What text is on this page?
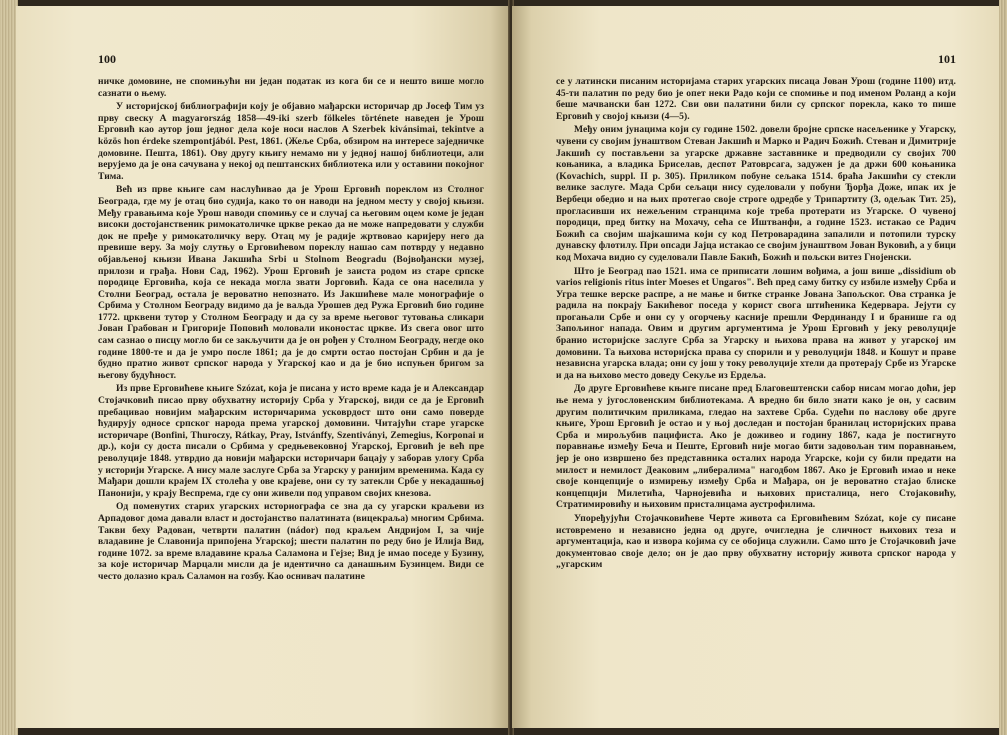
100

ничке домовине, не спомињући ни један податак из кога би се и нешто више могло сазнати о њему.

У историјској библиографији коју је објавио мађарски историчар др Јосеф Тим уз прву свеску A magyarország 1858—49-iki szerb fölkeles története наведен је Урош Ерговић као аутор још једног дела које носи наслов A Szerbek kivánsimai, tekintve a közös hon érdeke szempontjából. Pest, 1861. (Жеље Срба, обзиром на интересе заједничке домовине. Пешта, 1861). Ову другу књигу немамо ни у једној нашој библиотеци, али верујемо да је она сачувана у некој од пештанских библиотека или у оставини покојног Тима.

Већ из прве књиге сам наслућивао да је Урош Ерговић пореклом из Столног Београда, где му је отац био судија, како то он наводи на једном месту у својој књизи. Међу гравањима које Урош наводи спомињу се и случај са његовим оцем коме је један високи достојанственик римокатоличке цркве рекао да не може напредовати у служби док не пређе у римокатоличку веру. Отац му је радије жртвовао каријеру него да превише веру. За моју слутњу о Ерговићевом пореклу нашао сам потврду у недавно објављеној књизи Ивана Јакшића Srbi u Stolnom Beogradu (Војвођански музеј, прилози и грађа. Нови Сад, 1962). Урош Ерговић је заиста родом из старе српске породице Ерговића, која се некада могла звати Јорговић. Када се она населила у Столни Београд, остала је вероватно непознато. Из Јакшићеве мале монографије о Србима у Столном Београду видимо да је ваљда Урошев дед Ружа Ерговић био године 1772. црквени тутор у Столном Београду и да су за време његовог тутовања сликари Јован Грабован и Григорије Поповић моловали иконостас цркве. Из свега овог што сам сазнао о писцу могло би се закључити да је он рођен у Столном Београду, негде око године 1800-те и да је умро после 1861; да је до смрти остао постојан Србин и да је будно пратио живот српског народа у Угарској као и да је био испуњен бригом за његову будућност.

Из прве Ерговићеве књиге Szózat, која је писана у исто време када је и Александар Стојачковић писао прву обухватну историју Срба у Угарској, види се да је Ерговић пребацивао новијим мађарским историчарима усковрдост што они само поверде ћудирују односе српског народа према угарској домовини. Читајући старе угарске историчаре (Bonfini, Thuroczy, Rátkay, Pray, Istvánffy, Szentiványi, Zemegius, Korponai и др.), који су доста писали о Србима у средњевековној Угарској, Ерговић је већ пре револуције 1848. утврдио да новији мађарски историчари бацају у заборав улогу Срба у историји Угарске. А нису мале заслуге Срба за Угарску у ранијим временима. Када су Мађари дошли крајем IX столећа у ове крајеве, они су ту затекли Србе у некадашњој Панонији, у крају Веспрема, где су они живели под управом својих кнезова.

Од поменутих старих угарских историографа се зна да су угарски краљеви из Арпадовог дома давали власт и достојанство палатината (вицекраља) многим Србима. Такви беху Радован, четврти палатин (nádor) под краљем Андријом I, за чије владавине је Славонија припојена Угарској; шести палатин по реду био је Илија Вид, године 1072. за време владавине краља Саламона и Гејзе; Вид је имао поседе у Бузину, за које историчар Марцали мисли да је идентично са данашњим Бузинцем. Види се често долазио краљ Саламон на гозбу. Као оснивач палатине

101

се у латински писаним историјама старих угарских писаца Јован Урош (године 1100) итд. 45-ти палатин по реду био је опет неки Радо који се спомиње и под именом Роланд а који беше мачвански бан 1272. Сви ови палатини били су српског порекла, како то пише Ерговић у својој књизи (4—5).

Међу оним јунацима који су године 1502. довели бројне српске насељенике у Угарску, чувени су својим јунаштвом Стеван Јакшић и Марко и Радич Божић. Стеван и Димитрије Јакшић су постављени за угарске државне заставнике и предводили су својих 700 коњаника, а владика Бриселав, деспот Ратоврсага, задужен је да држи 600 коњаника (Kovachich, suppl. II p. 305). Приликом побуне сељака 1514. браћа Јакшићи су стекли велике заслуге. Мада Срби сељаци нису суделовали у побуни Ђорђа Доже, ипак их је Вербеци обедио и на њих протегао своје строге одредбе у Трипартиту (3, одељак Тит. 25), прогласивши их нежељеним странцима које треба протерати из Угарске. О чувеној породици, пред битку на Мохачу, сећа се Иштванфи, а године 1523. истакао се Радич Божић са својим шајкашима који су код Петроварадина запалили и потопили турску дунавску флотилу. При опсади Јајца истакао се својим јунаштвом Јован Вуковић, а у бици код Мохача видио су суделовали Павле Бакић, Божић и пољски витез Гнојенски.

Што је Београд пао 1521. има се приписати лошим вођима, а још више „dissidium ob varios religionis ritus inter Moeses et Ungaros". Већ пред саму битку су избиле између Срба и Угра тешке верске распре, а не мање и битке странке Јована Запољског. Ова странка је радила на покрају Бакићевог поседа у корист свога штићеника Кедервара. Јејути су прогањали Србе и они су у огорчењу касније прешли Фердинанду I и бранише га од Запољиног напада. Овим и другим аргументима је Урош Ерговић у јеку револуције бранио историјске заслуге Срба за Угарску и њихова права на живот у угарској им домовини. Та њихова историјска права су спорили и у револуцији 1848. и Кошут и праве независна угарска влада; они су још у току револуције хтели да протерају Србе из Угарске и да на њихово место доведу Секуље из Ердеља.

До друге Ерговићеве књиге писане пред Благовештенски сабор нисам могао доћи, јер ње нема у југословенским библиотекама. А вредно би било знати како је он, у сасвим другим политичким приликама, гледао на захтеве Срба. Судећи по наслову обе друге књиге, Урош Ерговић је остао и у њој доследан и постојан бранилац историјских права Срба и мирољубив пацифиста. Ако је доживео и годину 1867, када је постигнуто поравнање између Беча и Пеште, Ерговић није могао бити задовољан тим поравнањем, јер је оно извршено без представника осталих народа Угарске, који су били предати на милост и немилост Деаковим „либералима" нагодбом 1867. Ако је Ерговић имао и неке своје концепције о измирењу између Срба и Мађара, он је вероватно стајао блиске концепцији Милетића, Чарнојевића и њихових присталица, него Стојаковићу, Стратимировићу и њиховим присталицама аустрофилима.

Упоређујући Стојачковићеве Черте живота са Ерговићевим Szózat, које су писане истовремено и независно једна од друге, очигледна је сличност њихових теза и аргументација, као и извора којима су се обојица служили. Само што је Стојачковић јаче документовао своје дело; он је дао прву обухватну историју живота српског народа у „угарским
